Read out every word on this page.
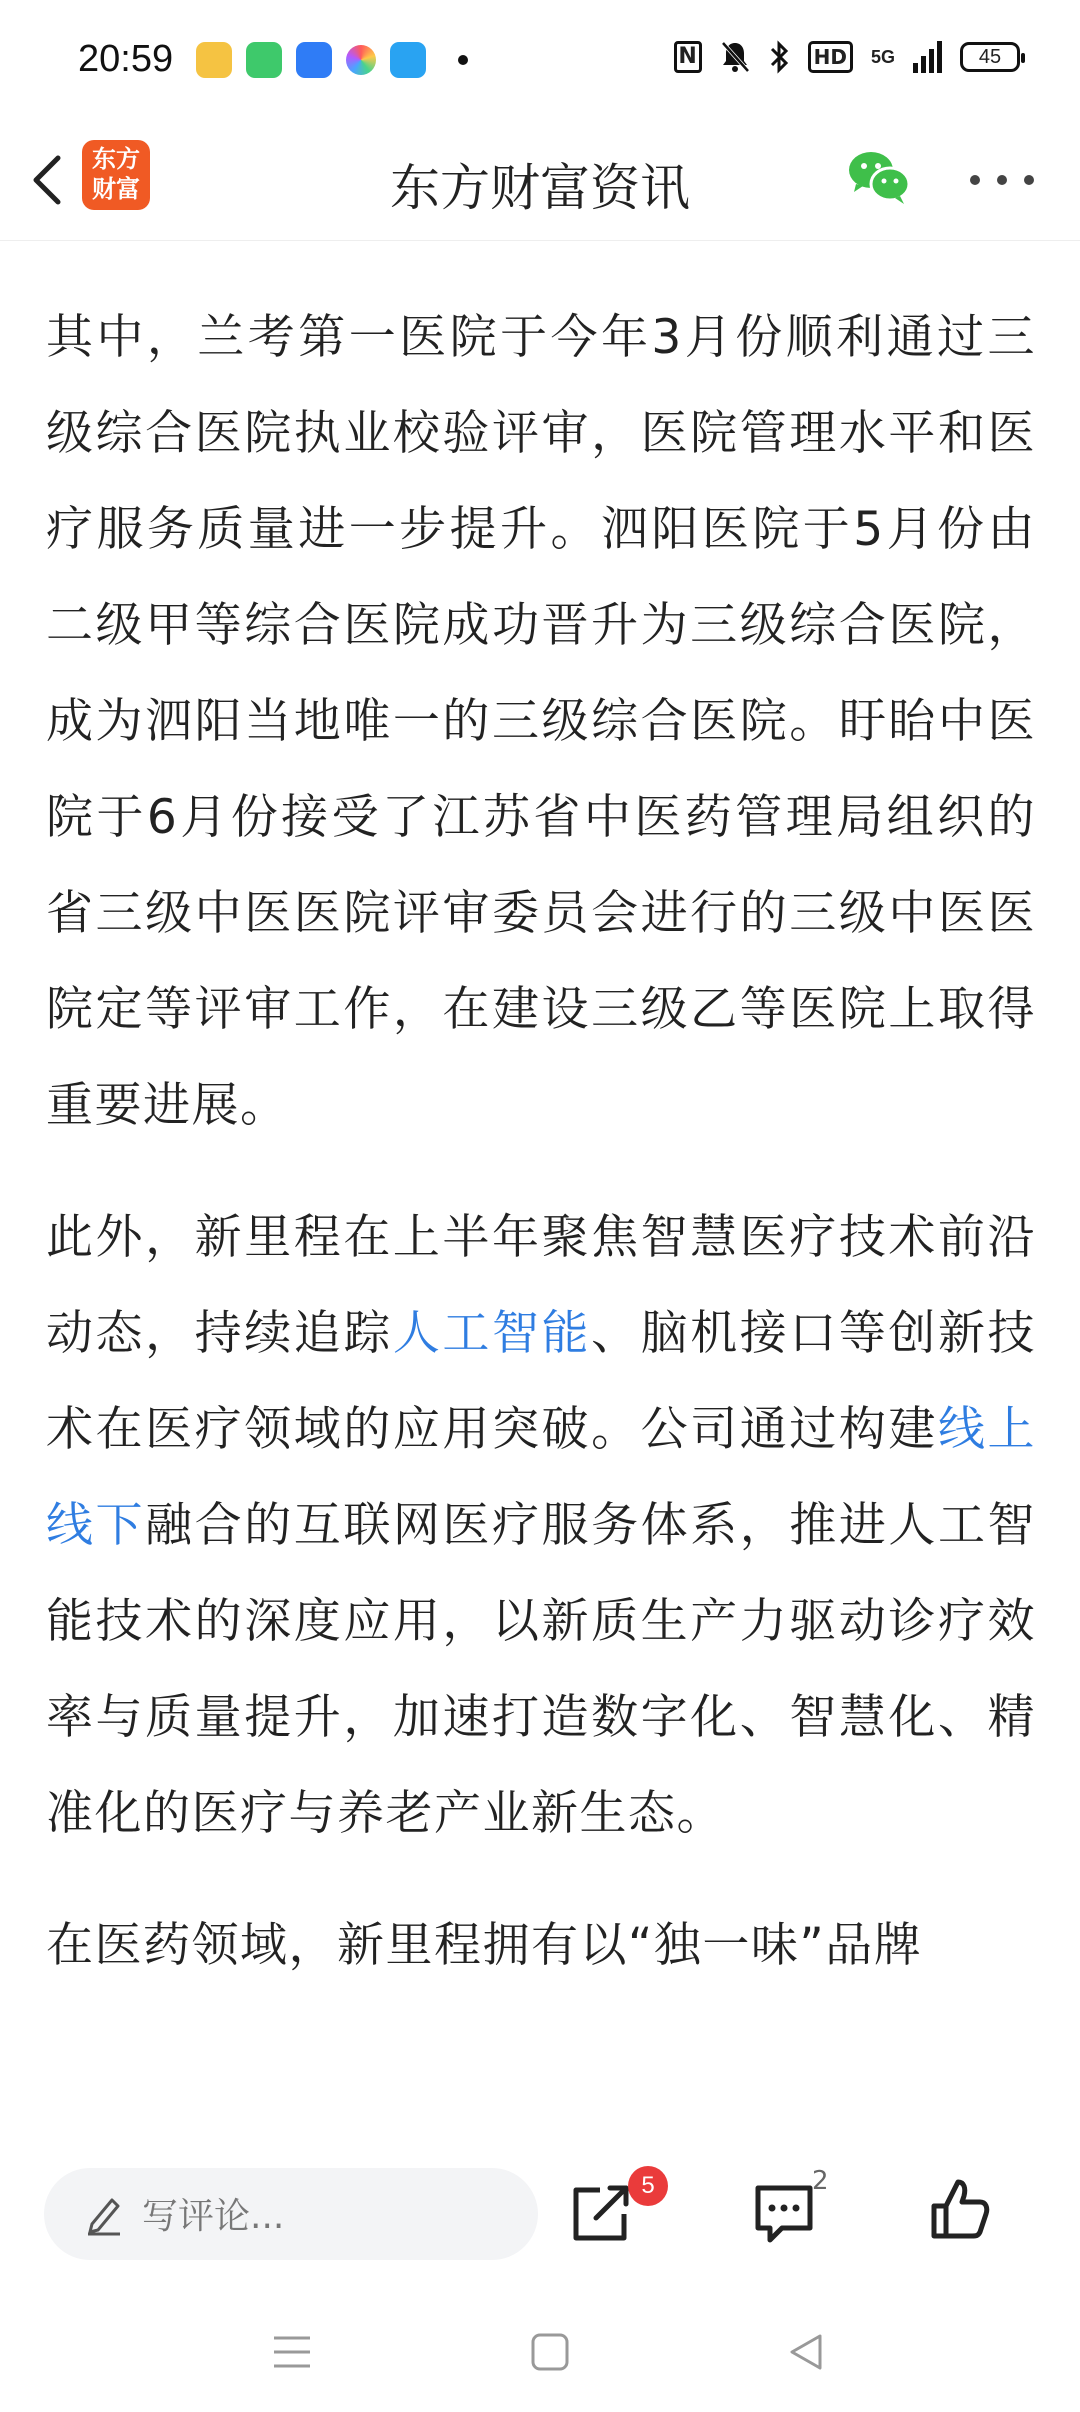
20:59	N	HD	5G	45
东方
财富	东方财富资讯

其中，兰考第一医院于今年3月份顺利通过三级综合医院执业校验评审，医院管理水平和医疗服务质量进一步提升。泗阳医院于5月份由二级甲等综合医院成功晋升为三级综合医院，成为泗阳当地唯一的三级综合医院。盱眙中医院于6月份接受了江苏省中医药管理局组织的省三级中医医院评审委员会进行的三级中医医院定等评审工作，在建设三级乙等医院上取得重要进展。

此外，新里程在上半年聚焦智慧医疗技术前沿动态，持续追踪人工智能、脑机接口等创新技术在医疗领域的应用突破。公司通过构建线上线下融合的互联网医疗服务体系，推进人工智能技术的深度应用，以新质生产力驱动诊疗效率与质量提升，加速打造数字化、智慧化、精准化的医疗与养老产业新生态。

在医药领域，新里程拥有以“独一味”品牌

写评论...
5	2
